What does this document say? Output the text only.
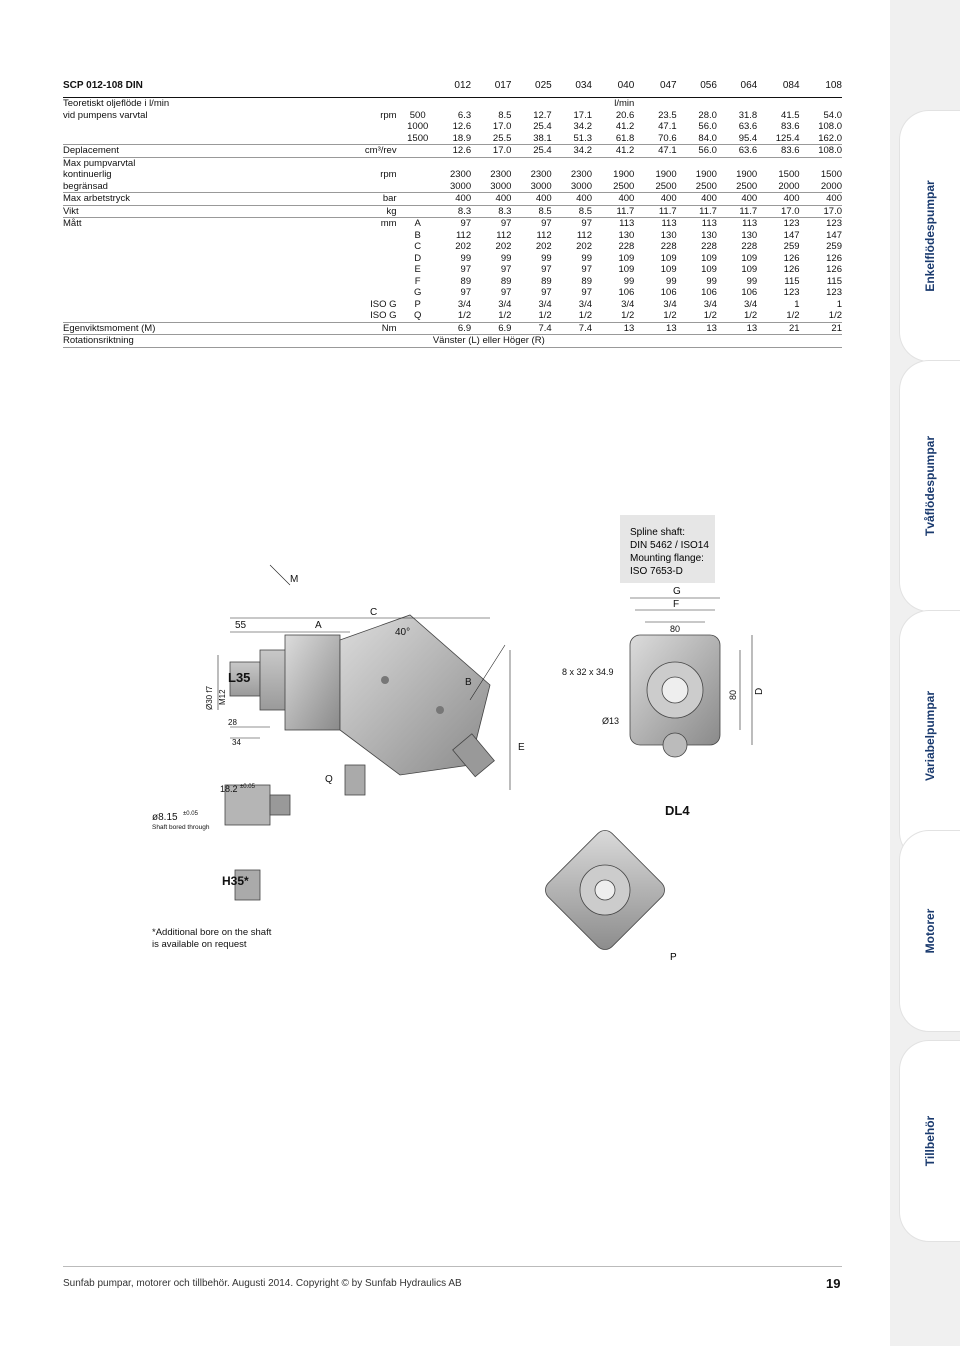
Enkelflödespumpar
Tvåflödespumpar
Variabelpumpar
Motorer
Tillbehör
SCP 012-108 DIN			012	017	025	034	040	047	056	064	084	108
Teoretiskt oljeflöde i l/min							l/min					
vid pumpens varvtal	rpm	500	6.3	8.5	12.7	17.1	20.6	23.5	28.0	31.8	41.5	54.0
		1000	12.6	17.0	25.4	34.2	41.2	47.1	56.0	63.6	83.6	108.0
		1500	18.9	25.5	38.1	51.3	61.8	70.6	84.0	95.4	125.4	162.0
Deplacement	cm³/rev		12.6	17.0	25.4	34.2	41.2	47.1	56.0	63.6	83.6	108.0
Max pumpvarvtal												
kontinuerlig	rpm		2300	2300	2300	2300	1900	1900	1900	1900	1500	1500
begränsad			3000	3000	3000	3000	2500	2500	2500	2500	2000	2000
Max arbetstryck	bar		400	400	400	400	400	400	400	400	400	400
Vikt	kg		8.3	8.3	8.5	8.5	11.7	11.7	11.7	11.7	17.0	17.0
Mått	mm	A	97	97	97	97	113	113	113	113	123	123
		B	112	112	112	112	130	130	130	130	147	147
		C	202	202	202	202	228	228	228	228	259	259
		D	99	99	99	99	109	109	109	109	126	126
		E	97	97	97	97	109	109	109	109	126	126
		F	89	89	89	89	99	99	99	99	115	115
		G	97	97	97	97	106	106	106	106	123	123
	ISO G	P	3/4	3/4	3/4	3/4	3/4	3/4	3/4	3/4	1	1
	ISO G	Q	1/2	1/2	1/2	1/2	1/2	1/2	1/2	1/2	1/2	1/2
Egenviktsmoment (M)	Nm		6.9	6.9	7.4	7.4	13	13	13	13	21	21
Rotationsriktning			Vänster (L) eller Höger (R)									
M
C
A
55
40°
B
E
Q
L35
28
34
18.2 ±0.05
ø8.15 ±0.05
Shaft bored through
H35*
Ø30 f7 M12
*Additional bore on the shaft
is available on request
Spline shaft:
DIN 5462 / ISO14
Mounting flange:
ISO 7653-D
G
F
80
80 D
8 x 32 x 34.9
Ø13
DL4
P
Sunfab pumpar, motorer och tillbehör. Augusti 2014. Copyright © by Sunfab Hydraulics AB	19
